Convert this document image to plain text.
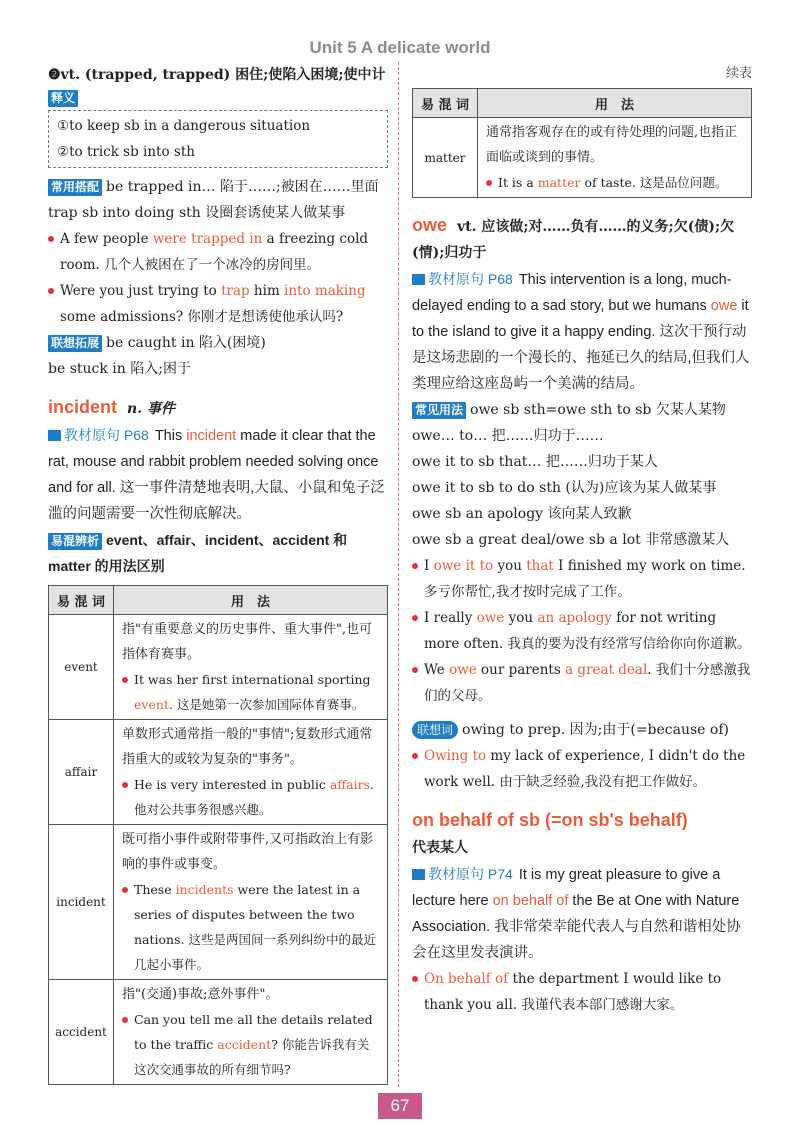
Unit 5 A delicate world
续表

❷vt. (trapped, trapped) 困住;使陷入困境;使中计

释义

①to keep sb in a dangerous situation

②to trick sb into sth

常用搭配 be trapped in… 陷于……;被困在……里面

trap sb into doing sth 设圈套诱使某人做某事

A few people were trapped in a freezing cold room. 几个人被困在了一个冰冷的房间里。

Were you just trying to trap him into making some admissions? 你刚才是想诱使他承认吗?

联想拓展 be caught in 陷入(困境)

be stuck in 陷入;困于

incident n. 事件

教材原句 P68 This incident made it clear that the rat, mouse and rabbit problem needed solving once and for all. 这一事件清楚地表明,大鼠、小鼠和兔子泛滥的问题需要一次性彻底解决。

易混辨析 event、affair、incident、accident 和 matter 的用法区别

易 混 词	用　法
event	指"有重要意义的历史事件、重大事件",也可指体育赛事。
It was her first international sporting event. 这是她第一次参加国际体育赛事。

affair	单数形式通常指一般的"事情";复数形式通常指重大的或较为复杂的"事务"。
He is very interested in public affairs. 他对公共事务很感兴趣。

incident	既可指小事件或附带事件,又可指政治上有影响的事件或事变。
These incidents were the latest in a series of disputes between the two nations. 这些是两国间一系列纠纷中的最近几起小事件。

accident	指"(交通)事故;意外事件"。
Can you tell me all the details related to the traffic accident? 你能告诉我有关这次交通事故的所有细节吗?
易 混 词	用　法
matter	通常指客观存在的或有待处理的问题,也指正面临或谈到的事情。
It is a matter of taste. 这是品位问题。

owe vt. 应该做;对……负有……的义务;欠(债);欠(情);归功于

教材原句 P68 This intervention is a long, much-delayed ending to a sad story, but we humans owe it to the island to give it a happy ending. 这次干预行动是这场悲剧的一个漫长的、拖延已久的结局,但我们人类理应给这座岛屿一个美满的结局。

常见用法 owe sb sth=owe sth to sb 欠某人某物

owe… to… 把……归功于……

owe it to sb that… 把……归功于某人

owe it to sb to do sth (认为)应该为某人做某事

owe sb an apology 该向某人致歉

owe sb a great deal/owe sb a lot 非常感激某人

I owe it to you that I finished my work on time. 多亏你帮忙,我才按时完成了工作。

I really owe you an apology for not writing more often. 我真的要为没有经常写信给你向你道歉。

We owe our parents a great deal. 我们十分感激我们的父母。

联想词 owing to prep. 因为;由于(=because of)

Owing to my lack of experience, I didn't do the work well. 由于缺乏经验,我没有把工作做好。

on behalf of sb (=on sb's behalf)

代表某人

教材原句 P74 It is my great pleasure to give a lecture here on behalf of the Be at One with Nature Association. 我非常荣幸能代表人与自然和谐相处协会在这里发表演讲。

On behalf of the department I would like to thank you all. 我谨代表本部门感谢大家。

67
